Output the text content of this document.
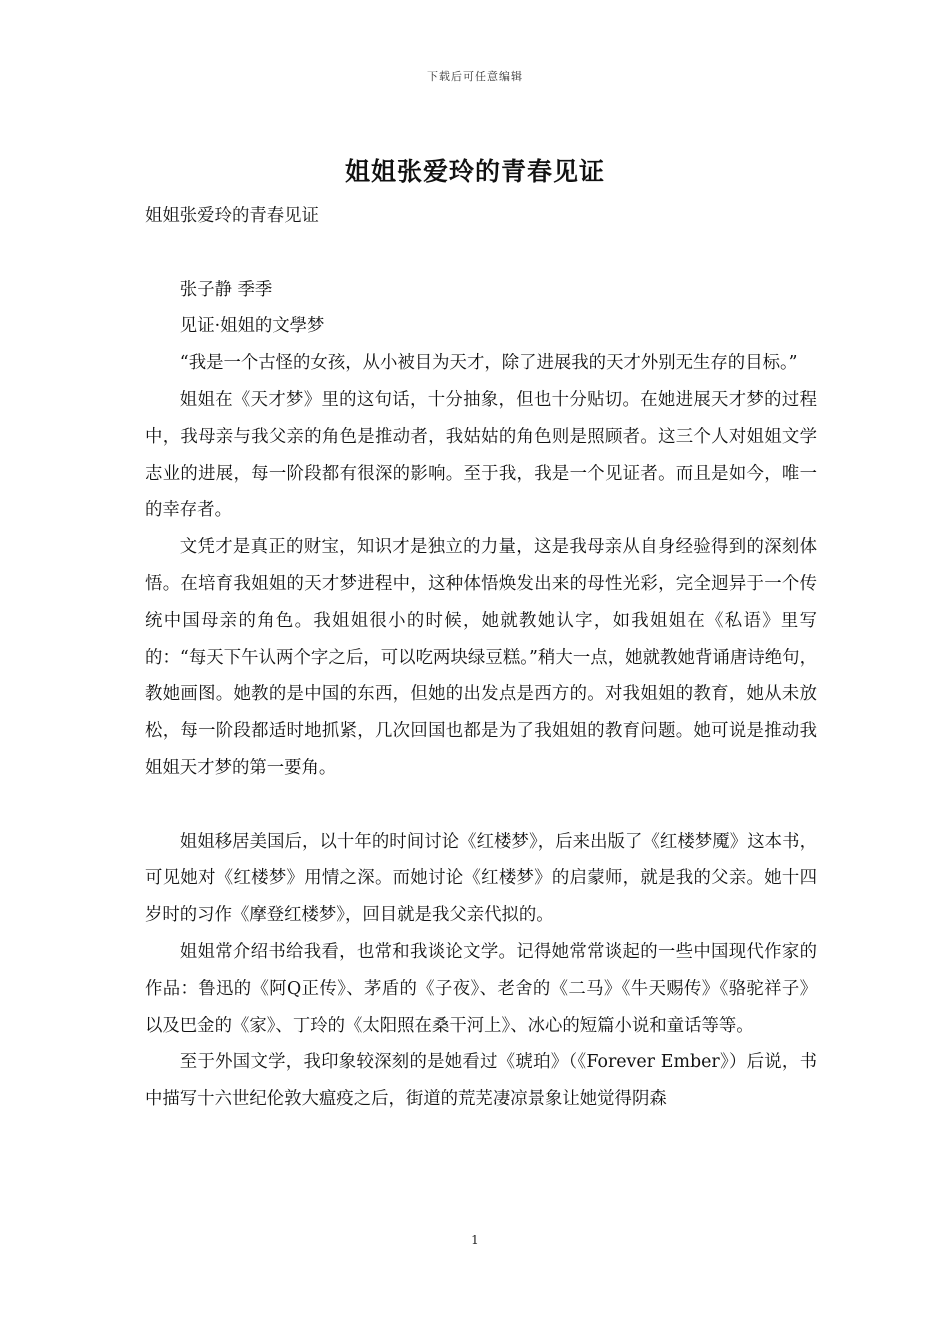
下载后可任意编辑
姐姐张爱玲的青春见证

姐姐张爱玲的青春见证

张子静 季季

见证·姐姐的文學梦

“我是一个古怪的女孩，从小被目为天才，除了进展我的天才外别无生存的目标。”

姐姐在《天才梦》里的这句话，十分抽象，但也十分贴切。在她进展天才梦的过程中，我母亲与我父亲的角色是推动者，我姑姑的角色则是照顾者。这三个人对姐姐文学志业的进展，每一阶段都有很深的影响。至于我，我是一个见证者。而且是如今，唯一的幸存者。

文凭才是真正的财宝，知识才是独立的力量，这是我母亲从自身经验得到的深刻体悟。在培育我姐姐的天才梦进程中，这种体悟焕发出来的母性光彩，完全迥异于一个传统中国母亲的角色。我姐姐很小的时候，她就教她认字，如我姐姐在《私语》里写的：“每天下午认两个字之后，可以吃两块绿豆糕。”稍大一点，她就教她背诵唐诗绝句，教她画图。她教的是中国的东西，但她的出发点是西方的。对我姐姐的教育，她从未放松，每一阶段都适时地抓紧，几次回国也都是为了我姐姐的教育问题。她可说是推动我姐姐天才梦的第一要角。

姐姐移居美国后，以十年的时间讨论《红楼梦》，后来出版了《红楼梦魇》这本书，可见她对《红楼梦》用情之深。而她讨论《红楼梦》的启蒙师，就是我的父亲。她十四岁时的习作《摩登红楼梦》，回目就是我父亲代拟的。

姐姐常介绍书给我看，也常和我谈论文学。记得她常常谈起的一些中国现代作家的作品：鲁迅的《阿Q正传》、茅盾的《子夜》、老舍的《二马》《牛天赐传》《骆驼祥子》以及巴金的《家》、丁玲的《太阳照在桑干河上》、冰心的短篇小说和童话等等。

至于外国文学，我印象较深刻的是她看过《琥珀》（《Forever Ember》）后说，书中描写十六世纪伦敦大瘟疫之后，街道的荒芜凄凉景象让她觉得阴森

1
